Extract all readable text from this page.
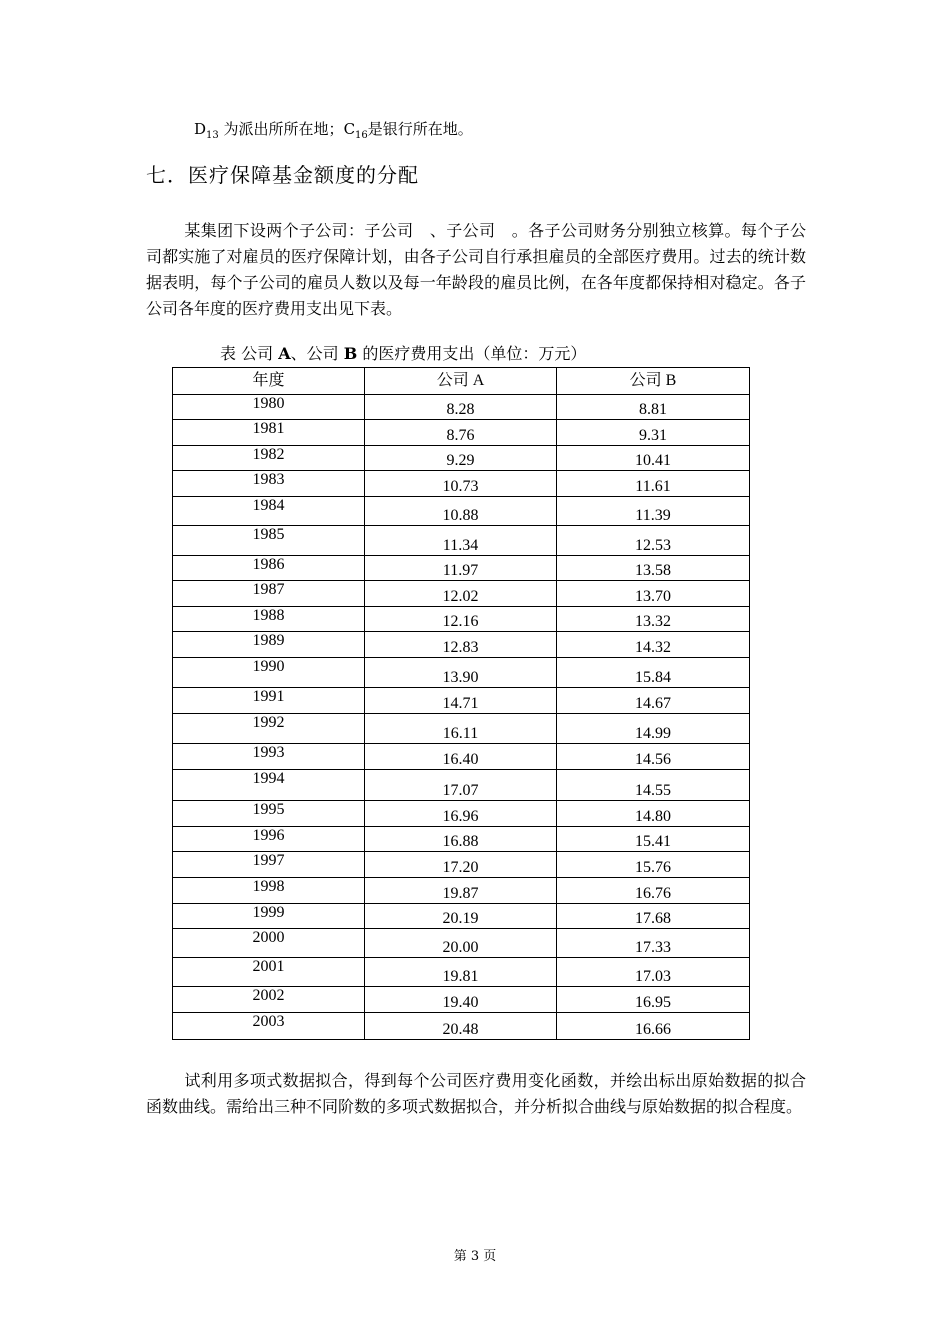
$D_{13}$ 为派出所所在地；$C_{16}$是银行所在地。
七．医疗保障基金额度的分配

某集团下设两个子公司：子公司　、子公司　。各子公司财务分别独立核算。每个子公司都实施了对雇员的医疗保障计划，由各子公司自行承担雇员的全部医疗费用。过去的统计数据表明，每个子公司的雇员人数以及每一年龄段的雇员比例，在各年度都保持相对稳定。各子公司各年度的医疗费用支出见下表。

表 公司 A、公司 B 的医疗费用支出（单位：万元）
年度	公司 A	公司 B
1980	8.28	8.81
1981	8.76	9.31
1982	9.29	10.41
1983	10.73	11.61
1984	10.88	11.39
1985	11.34	12.53
1986	11.97	13.58
1987	12.02	13.70
1988	12.16	13.32
1989	12.83	14.32
1990	13.90	15.84
1991	14.71	14.67
1992	16.11	14.99
1993	16.40	14.56
1994	17.07	14.55
1995	16.96	14.80
1996	16.88	15.41
1997	17.20	15.76
1998	19.87	16.76
1999	20.19	17.68
2000	20.00	17.33
2001	19.81	17.03
2002	19.40	16.95
2003	20.48	16.66

试利用多项式数据拟合，得到每个公司医疗费用变化函数，并绘出标出原始数据的拟合函数曲线。需给出三种不同阶数的多项式数据拟合，并分析拟合曲线与原始数据的拟合程度。

第 3 页
